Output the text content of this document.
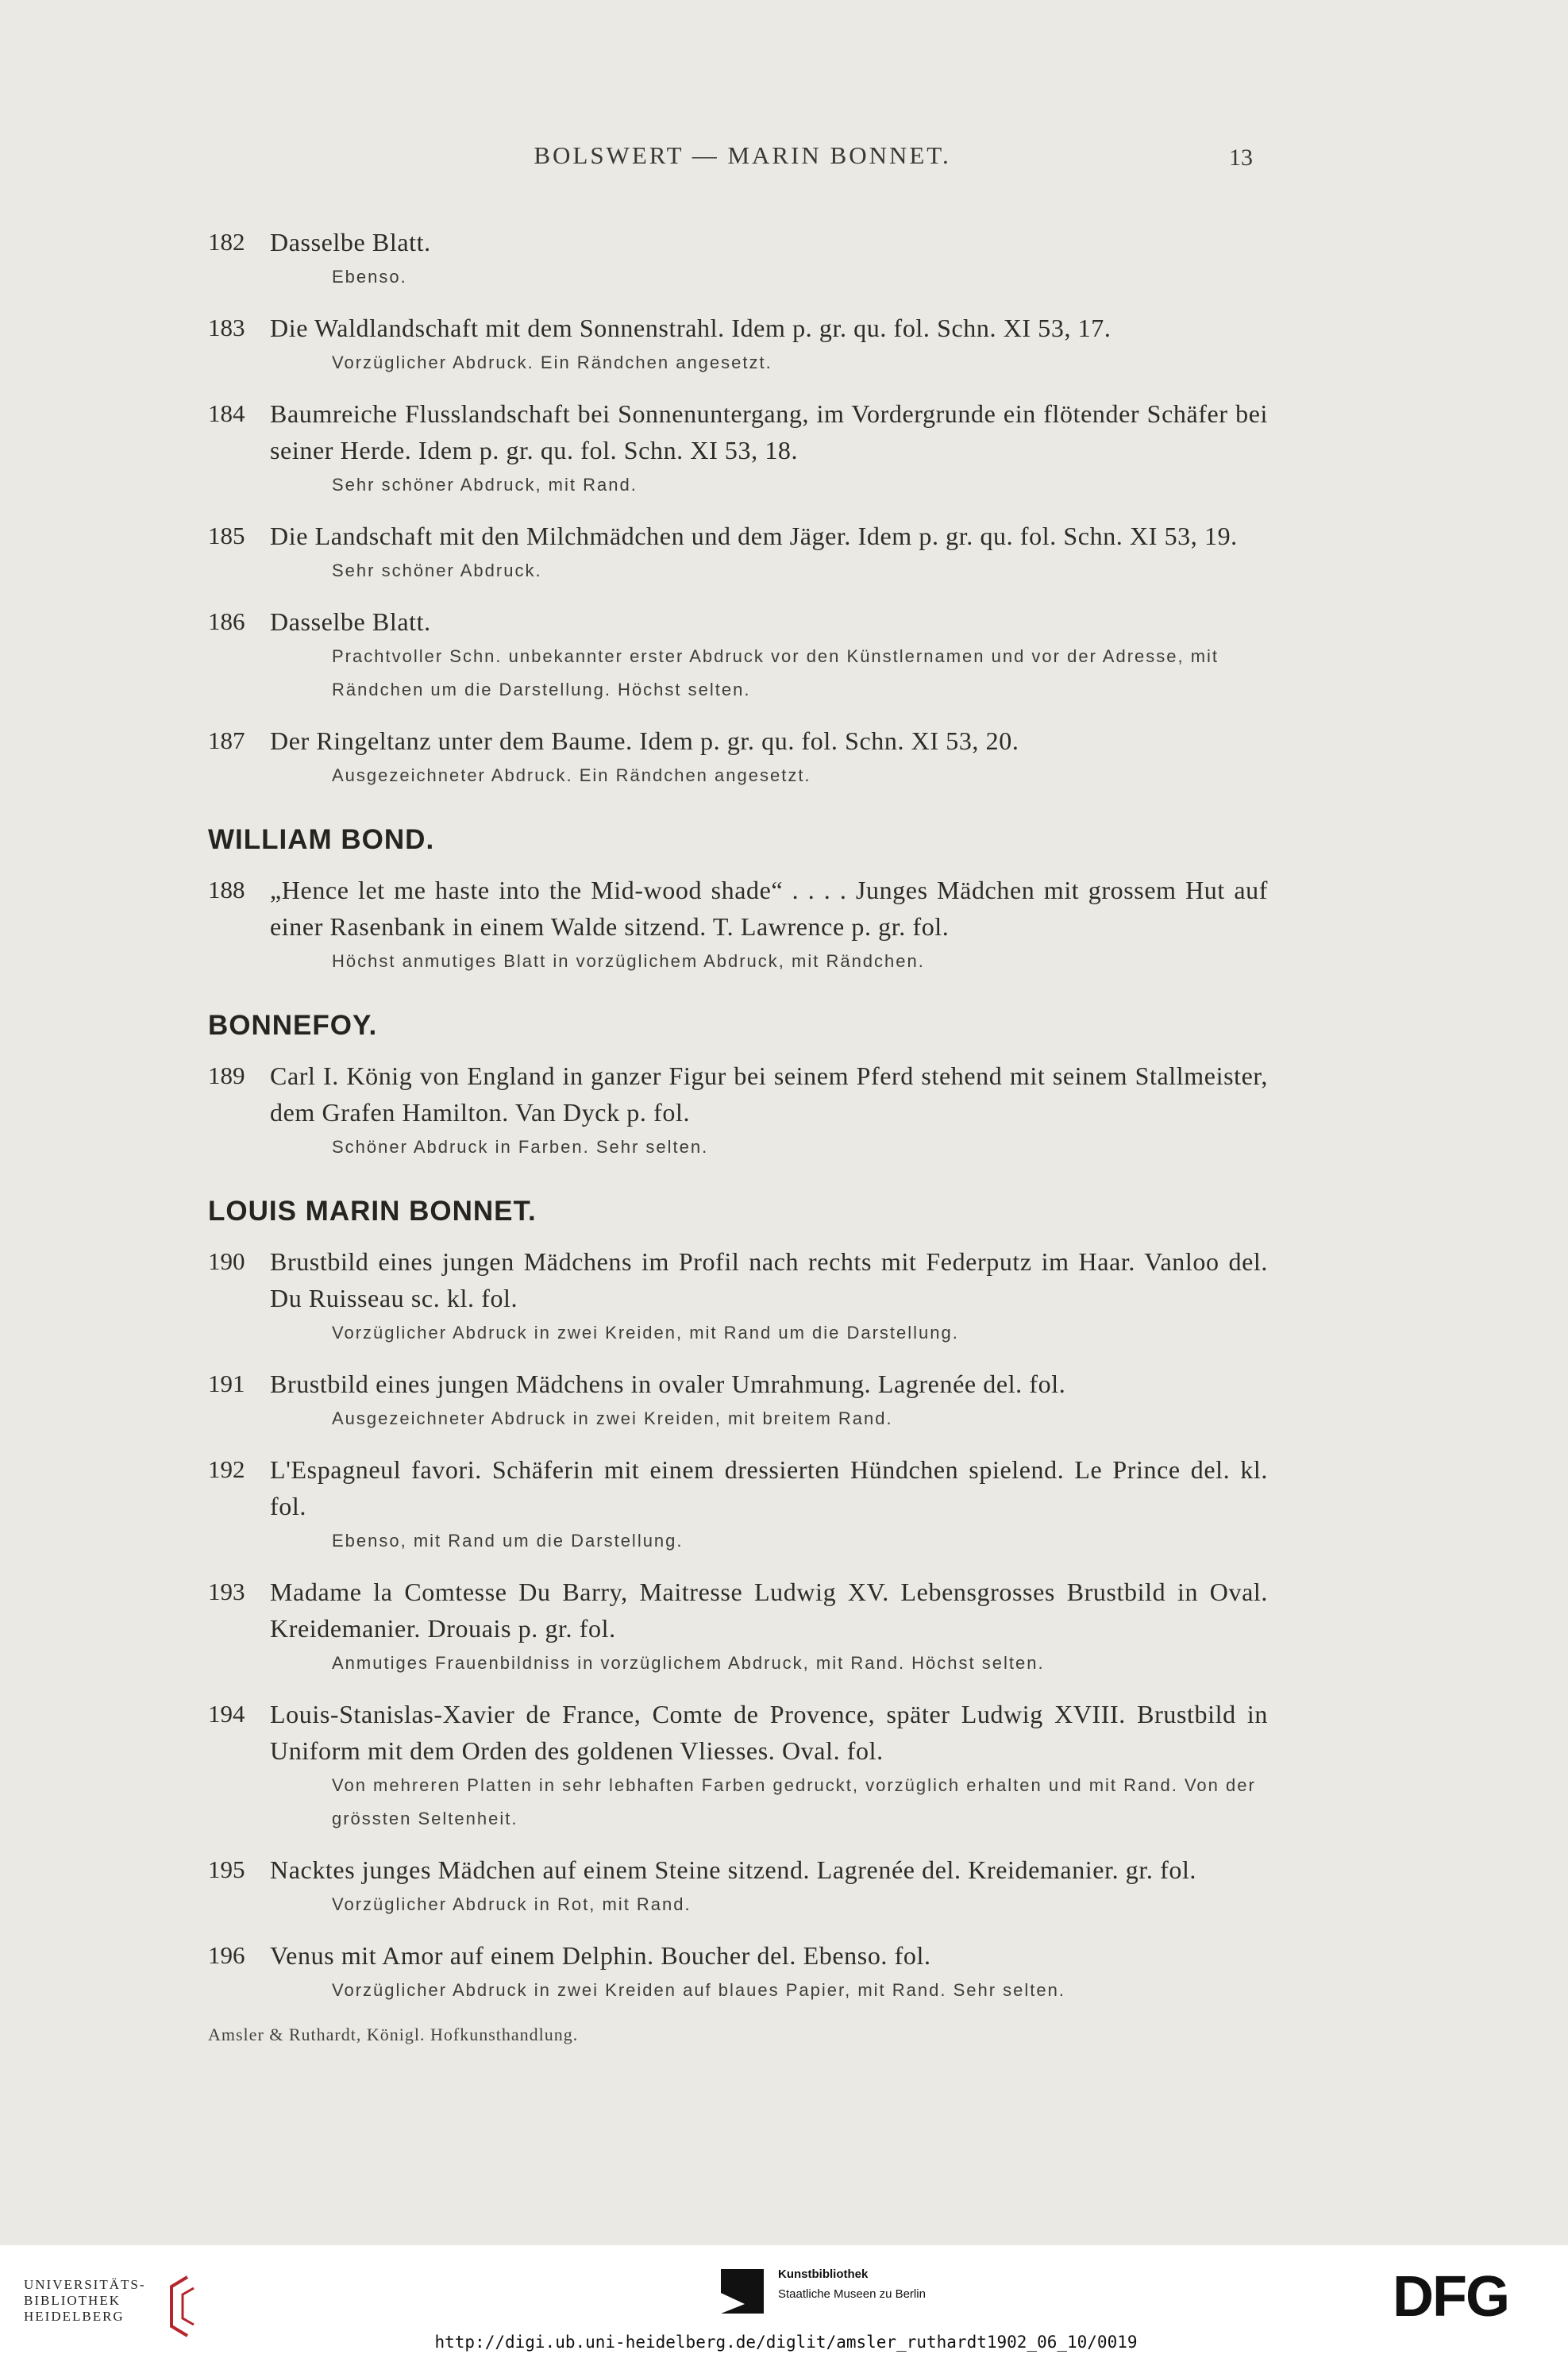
BOLSWERT — MARIN BONNET.	13
182 Dasselbe Blatt.
Ebenso.
183 Die Waldlandschaft mit dem Sonnenstrahl. Idem p. gr. qu. fol. Schn. XI 53, 17.
Vorzüglicher Abdruck. Ein Rändchen angesetzt.
184 Baumreiche Flusslandschaft bei Sonnenuntergang, im Vordergrunde ein flötender Schäfer bei seiner Herde. Idem p. gr. qu. fol. Schn. XI 53, 18.
Sehr schöner Abdruck, mit Rand.
185 Die Landschaft mit den Milchmädchen und dem Jäger. Idem p. gr. qu. fol. Schn. XI 53, 19.
Sehr schöner Abdruck.
186 Dasselbe Blatt.
Prachtvoller Schn. unbekannter erster Abdruck vor den Künstlernamen und vor der Adresse, mit Rändchen um die Darstellung. Höchst selten.
187 Der Ringeltanz unter dem Baume. Idem p. gr. qu. fol. Schn. XI 53, 20.
Ausgezeichneter Abdruck. Ein Rändchen angesetzt.
WILLIAM BOND.
188 „Hence let me haste into the Mid-wood shade“ . . . . Junges Mädchen mit grossem Hut auf einer Rasenbank in einem Walde sitzend. T. Lawrence p. gr. fol.
Höchst anmutiges Blatt in vorzüglichem Abdruck, mit Rändchen.
BONNEFOY.
189 Carl I. König von England in ganzer Figur bei seinem Pferd stehend mit seinem Stallmeister, dem Grafen Hamilton. Van Dyck p. fol.
Schöner Abdruck in Farben. Sehr selten.
LOUIS MARIN BONNET.
190 Brustbild eines jungen Mädchens im Profil nach rechts mit Federputz im Haar. Vanloo del. Du Ruisseau sc. kl. fol.
Vorzüglicher Abdruck in zwei Kreiden, mit Rand um die Darstellung.
191 Brustbild eines jungen Mädchens in ovaler Umrahmung. Lagrenée del. fol.
Ausgezeichneter Abdruck in zwei Kreiden, mit breitem Rand.
192 L'Espagneul favori. Schäferin mit einem dressierten Hündchen spielend. Le Prince del. kl. fol.
Ebenso, mit Rand um die Darstellung.
193 Madame la Comtesse Du Barry, Maitresse Ludwig XV. Lebensgrosses Brustbild in Oval. Kreidemanier. Drouais p. gr. fol.
Anmutiges Frauenbildniss in vorzüglichem Abdruck, mit Rand. Höchst selten.
194 Louis-Stanislas-Xavier de France, Comte de Provence, später Ludwig XVIII. Brustbild in Uniform mit dem Orden des goldenen Vliesses. Oval. fol.
Von mehreren Platten in sehr lebhaften Farben gedruckt, vorzüglich erhalten und mit Rand. Von der grössten Seltenheit.
195 Nacktes junges Mädchen auf einem Steine sitzend. Lagrenée del. Kreidemanier. gr. fol.
Vorzüglicher Abdruck in Rot, mit Rand.
196 Venus mit Amor auf einem Delphin. Boucher del. Ebenso. fol.
Vorzüglicher Abdruck in zwei Kreiden auf blaues Papier, mit Rand. Sehr selten.
Amsler & Ruthardt, Königl. Hofkunsthandlung.
UNIVERSITÄTS-
BIBLIOTHEK
HEIDELBERG
Kunstbibliothek
Staatliche Museen zu Berlin	DFG
http://digi.ub.uni-heidelberg.de/diglit/amsler_ruthardt1902_06_10/0019
